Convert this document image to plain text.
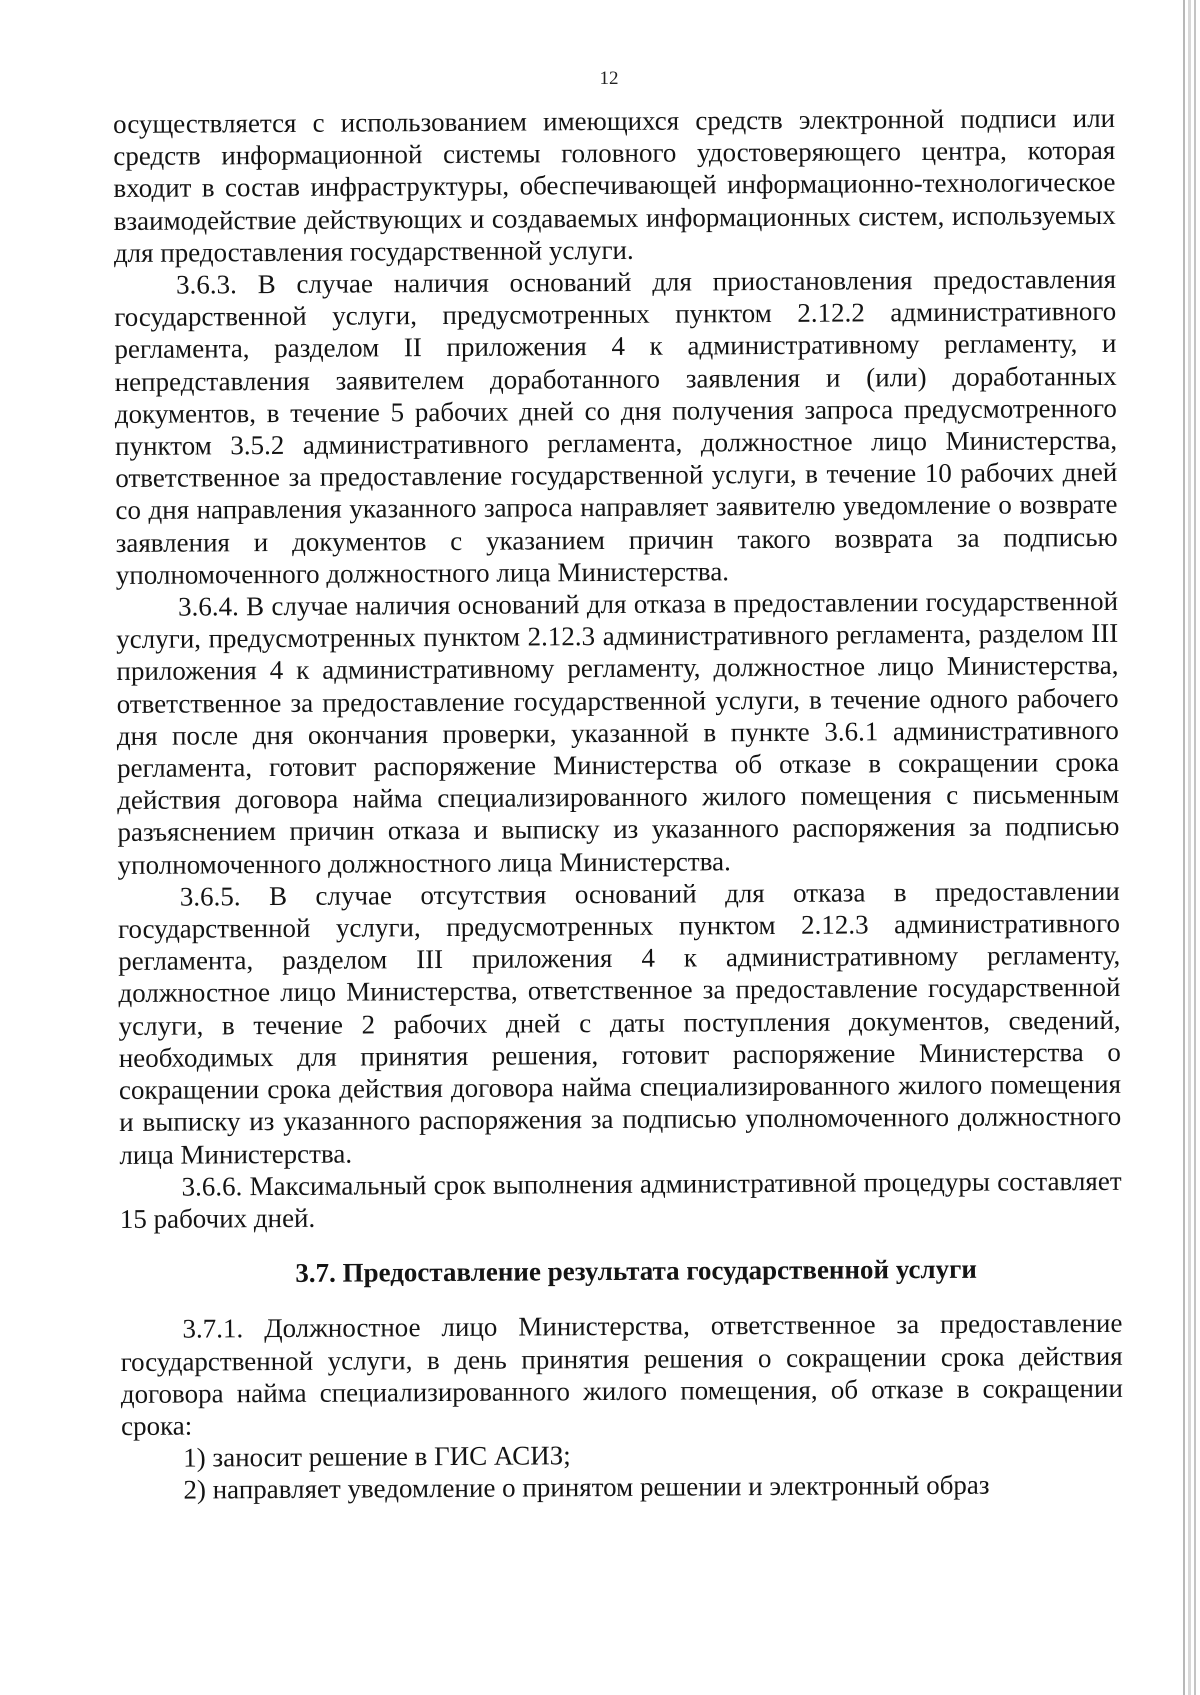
12

осуществляется с использованием имеющихся средств электронной подписи или средств информационной системы головного удостоверяющего центра, которая входит в состав инфраструктуры, обеспечивающей информационно-технологическое взаимодействие действующих и создаваемых информационных систем, используемых для предоставления государственной услуги.

3.6.3. В случае наличия оснований для приостановления предоставления государственной услуги, предусмотренных пунктом 2.12.2 административного регламента, разделом II приложения 4 к административному регламенту, и непредставления заявителем доработанного заявления и (или) доработанных документов, в течение 5 рабочих дней со дня получения запроса предусмотренного пунктом 3.5.2 административного регламента, должностное лицо Министерства, ответственное за предоставление государственной услуги, в течение 10 рабочих дней со дня направления указанного запроса направляет заявителю уведомление о возврате заявления и документов с указанием причин такого возврата за подписью уполномоченного должностного лица Министерства.

3.6.4. В случае наличия оснований для отказа в предоставлении государственной услуги, предусмотренных пунктом 2.12.3 административного регламента, разделом III приложения 4 к административному регламенту, должностное лицо Министерства, ответственное за предоставление государственной услуги, в течение одного рабочего дня после дня окончания проверки, указанной в пункте 3.6.1 административного регламента, готовит распоряжение Министерства об отказе в сокращении срока действия договора найма специализированного жилого помещения с письменным разъяснением причин отказа и выписку из указанного распоряжения за подписью уполномоченного должностного лица Министерства.

3.6.5. В случае отсутствия оснований для отказа в предоставлении государственной услуги, предусмотренных пунктом 2.12.3 административного регламента, разделом III приложения 4 к административному регламенту, должностное лицо Министерства, ответственное за предоставление государственной услуги, в течение 2 рабочих дней с даты поступления документов, сведений, необходимых для принятия решения, готовит распоряжение Министерства о сокращении срока действия договора найма специализированного жилого помещения и выписку из указанного распоряжения за подписью уполномоченного должностного лица Министерства.

3.6.6. Максимальный срок выполнения административной процедуры составляет 15 рабочих дней.

3.7. Предоставление результата государственной услуги

3.7.1. Должностное лицо Министерства, ответственное за предоставление государственной услуги, в день принятия решения о сокращении срока действия договора найма специализированного жилого помещения, об отказе в сокращении срока:

1) заносит решение в ГИС АСИЗ;

2) направляет уведомление о принятом решении и электронный образ
